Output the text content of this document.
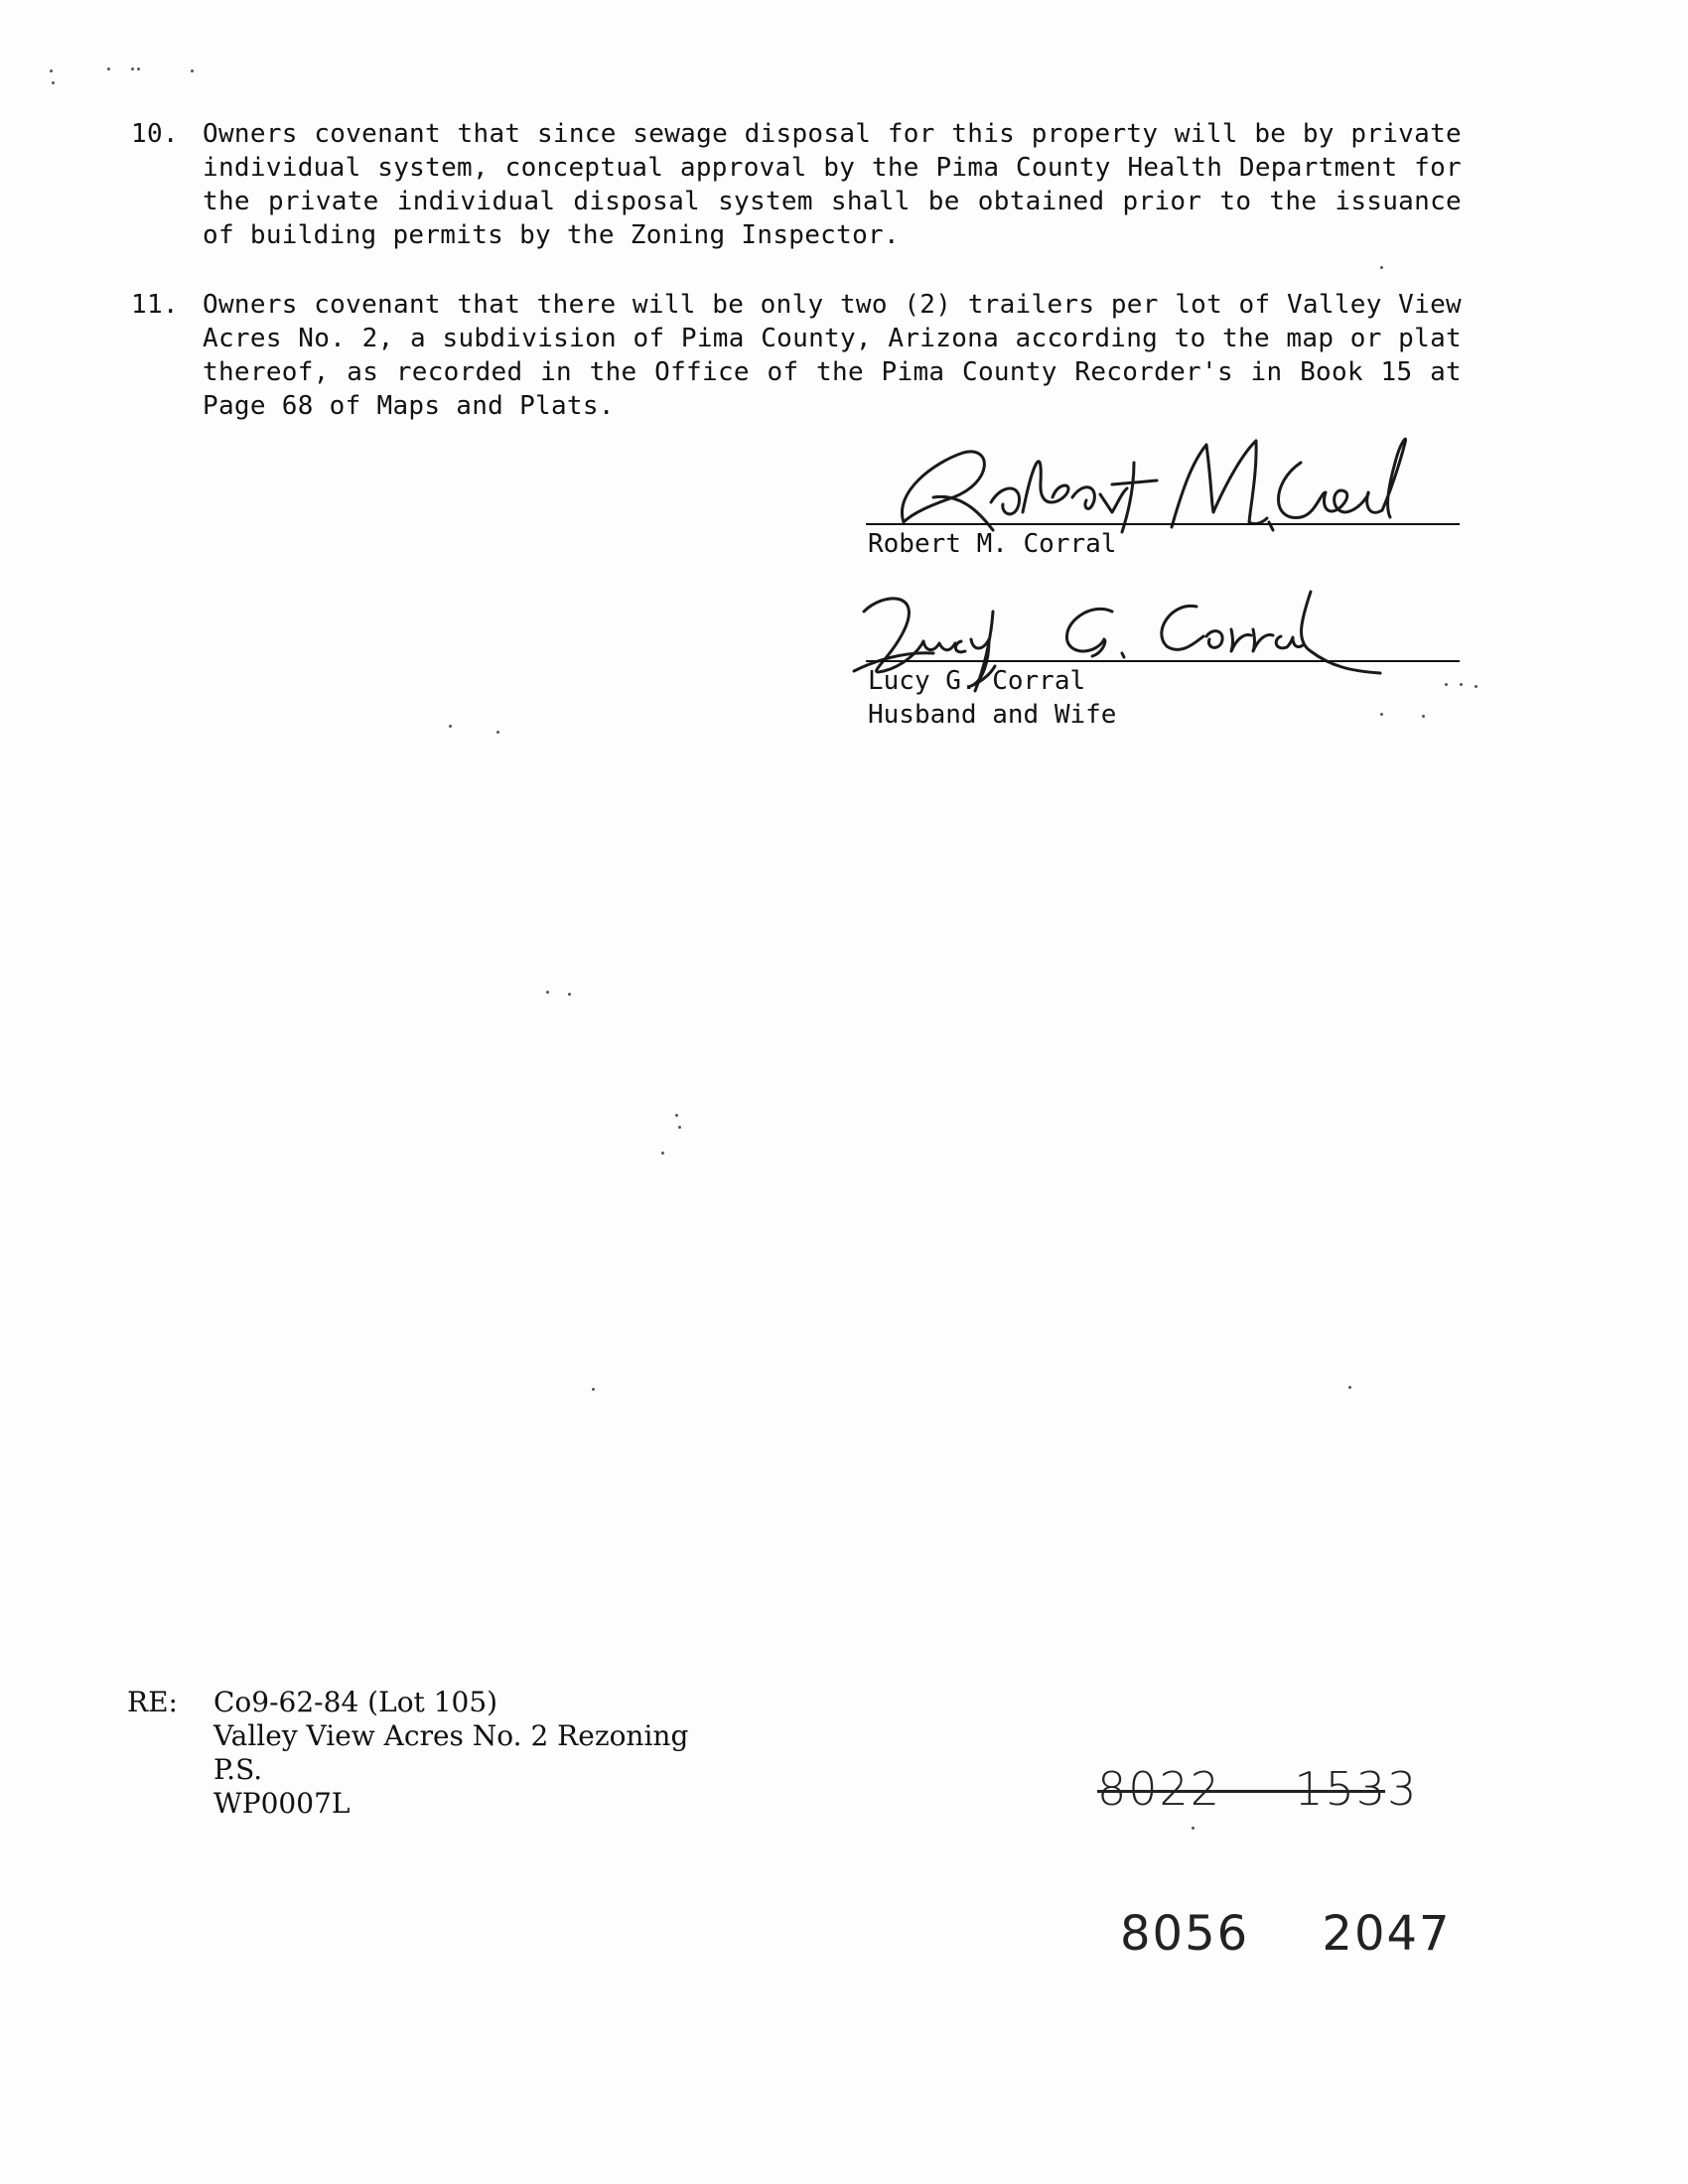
10. Owners covenant that since sewage disposal for this property will be by private individual system, conceptual approval by the Pima County Health Department for the private individual disposal system shall be obtained prior to the issuance of building permits by the Zoning Inspector.
11. Owners covenant that there will be only two (2) trailers per lot of Valley View Acres No. 2, a subdivision of Pima County, Arizona according to the map or plat thereof, as recorded in the Office of the Pima County Recorder's in Book 15 at Page 68 of Maps and Plats.
Robert M. Corral
Lucy G. Corral
Husband and Wife
RE: Co9-62-84 (Lot 105)
Valley View Acres No. 2 Rezoning
P.S.
WP0007L	8022 1533
8056 2047
